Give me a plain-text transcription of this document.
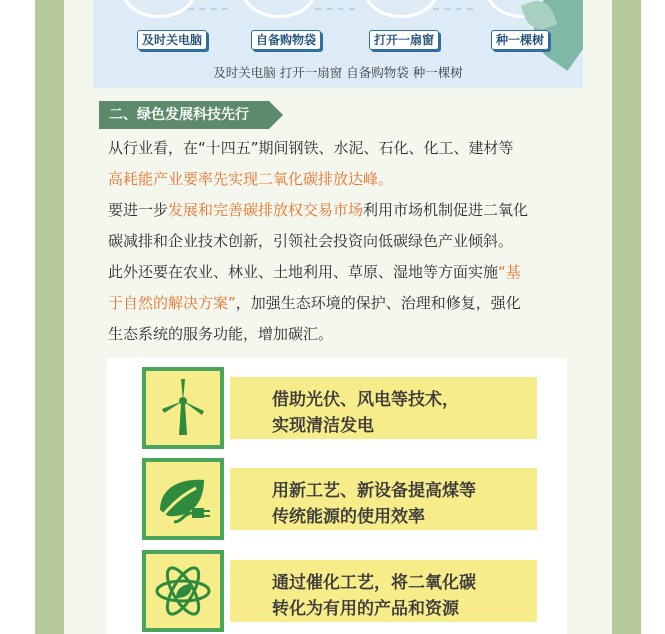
及时关电脑	自备购物袋	打开一扇窗	种一棵树
及时关电脑 打开一扇窗 自备购物袋 种一棵树
二、绿色发展科技先行
从行业看，在“十四五”期间钢铁、水泥、石化、化工、建材等
高耗能产业要率先实现二氧化碳排放达峰。
要进一步发展和完善碳排放权交易市场利用市场机制促进二氧化
碳减排和企业技术创新，引领社会投资向低碳绿色产业倾斜。
此外还要在农业、林业、土地利用、草原、湿地等方面实施“基
于自然的解决方案”，加强生态环境的保护、治理和修复，强化
生态系统的服务功能，增加碳汇。
借助光伏、风电等技术，
实现清洁发电
用新工艺、新设备提高煤等
传统能源的使用效率
通过催化工艺，将二氧化碳
转化为有用的产品和资源
